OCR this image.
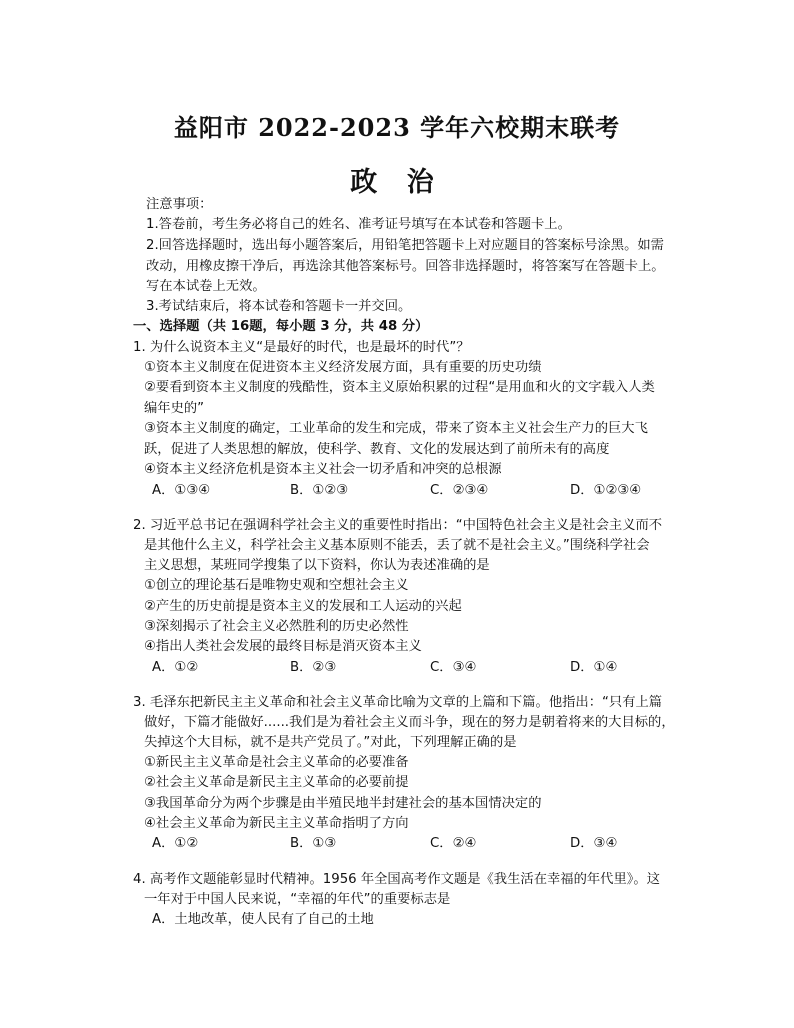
益阳市 2022-2023 学年六校期末联考
政 治
注意事项：
1.答卷前，考生务必将自己的姓名、准考证号填写在本试卷和答题卡上。
2.回答选择题时，选出每小题答案后，用铅笔把答题卡上对应题目的答案标号涂黑。如需
改动，用橡皮擦干净后，再选涂其他答案标号。回答非选择题时，将答案写在答题卡上。
写在本试卷上无效。
3.考试结束后，将本试卷和答题卡一并交回。
一、选择题（共 16题，每小题 3 分，共 48 分）
1. 为什么说资本主义“是最好的时代，也是最坏的时代”？
①资本主义制度在促进资本主义经济发展方面，具有重要的历史功绩
②要看到资本主义制度的残酷性，资本主义原始积累的过程“是用血和火的文字载入人类
编年史的”
③资本主义制度的确定，工业革命的发生和完成，带来了资本主义社会生产力的巨大飞
跃，促进了人类思想的解放，使科学、教育、文化的发展达到了前所未有的高度
④资本主义经济危机是资本主义社会一切矛盾和冲突的总根源
A．①③④	B．①②③	C．②③④	D．①②③④
2. 习近平总书记在强调科学社会主义的重要性时指出：“中国特色社会主义是社会主义而不
是其他什么主义，科学社会主义基本原则不能丢，丢了就不是社会主义。”围绕科学社会
主义思想，某班同学搜集了以下资料，你认为表述准确的是
①创立的理论基石是唯物史观和空想社会主义
②产生的历史前提是资本主义的发展和工人运动的兴起
③深刻揭示了社会主义必然胜利的历史必然性
④指出人类社会发展的最终目标是消灭资本主义
A．①②	B．②③	C．③④	D．①④
3. 毛泽东把新民主主义革命和社会主义革命比喻为文章的上篇和下篇。他指出：“只有上篇
做好，下篇才能做好......我们是为着社会主义而斗争，现在的努力是朝着将来的大目标的，
失掉这个大目标，就不是共产党员了。”对此，下列理解正确的是
①新民主主义革命是社会主义革命的必要准备
②社会主义革命是新民主主义革命的必要前提
③我国革命分为两个步骤是由半殖民地半封建社会的基本国情决定的
④社会主义革命为新民主主义革命指明了方向
A．①②	B．①③	C．②④	D．③④
4. 高考作文题能彰显时代精神。1956 年全国高考作文题是《我生活在幸福的年代里》。这
一年对于中国人民来说，“幸福的年代”的重要标志是
A．土地改革，使人民有了自己的土地
